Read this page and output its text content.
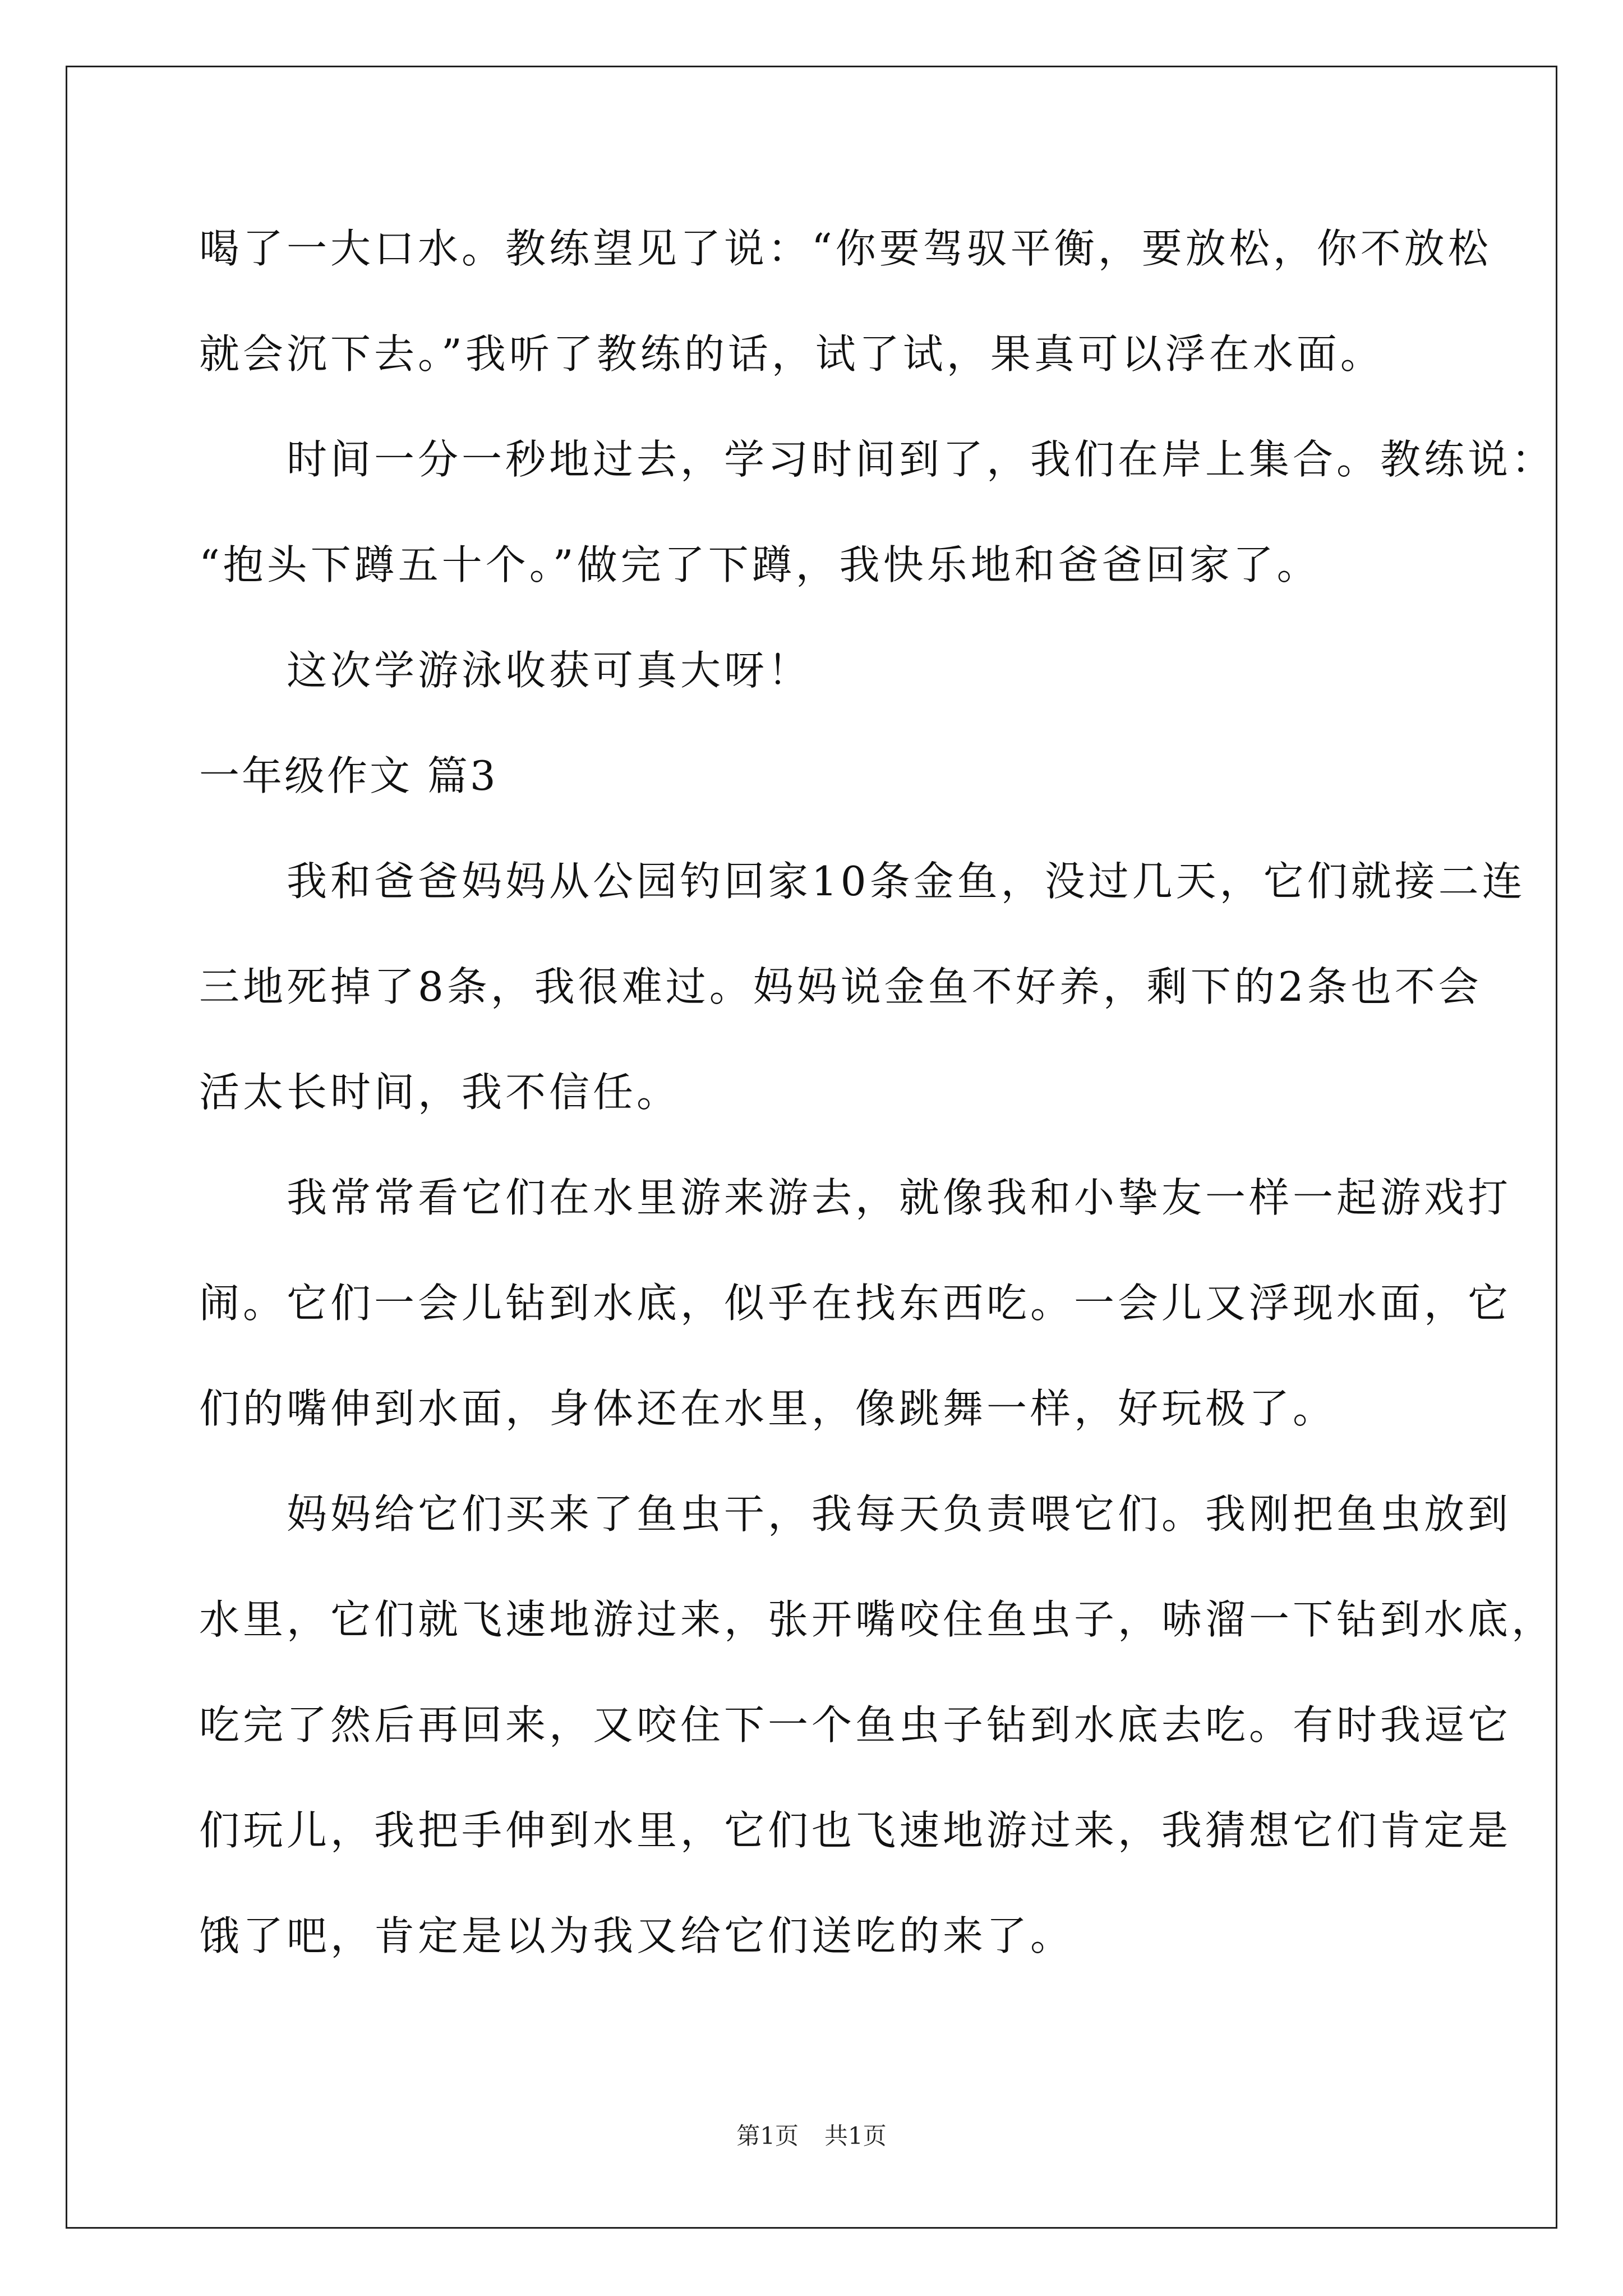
喝了一大口水。教练望见了说：“你要驾驭平衡，要放松，你不放松
就会沉下去。”我听了教练的话，试了试，果真可以浮在水面。
　　时间一分一秒地过去，学习时间到了，我们在岸上集合。教练说：
“抱头下蹲五十个。”做完了下蹲，我快乐地和爸爸回家了。
　　这次学游泳收获可真大呀！
一年级作文 篇3
　　我和爸爸妈妈从公园钓回家10条金鱼，没过几天，它们就接二连
三地死掉了8条，我很难过。妈妈说金鱼不好养，剩下的2条也不会
活太长时间，我不信任。
　　我常常看它们在水里游来游去，就像我和小挚友一样一起游戏打
闹。它们一会儿钻到水底，似乎在找东西吃。一会儿又浮现水面，它
们的嘴伸到水面，身体还在水里，像跳舞一样，好玩极了。
　　妈妈给它们买来了鱼虫干，我每天负责喂它们。我刚把鱼虫放到
水里，它们就飞速地游过来，张开嘴咬住鱼虫子，哧溜一下钻到水底，
吃完了然后再回来，又咬住下一个鱼虫子钻到水底去吃。有时我逗它
们玩儿，我把手伸到水里，它们也飞速地游过来，我猜想它们肯定是
饿了吧，肯定是以为我又给它们送吃的来了。
第1页 共1页
